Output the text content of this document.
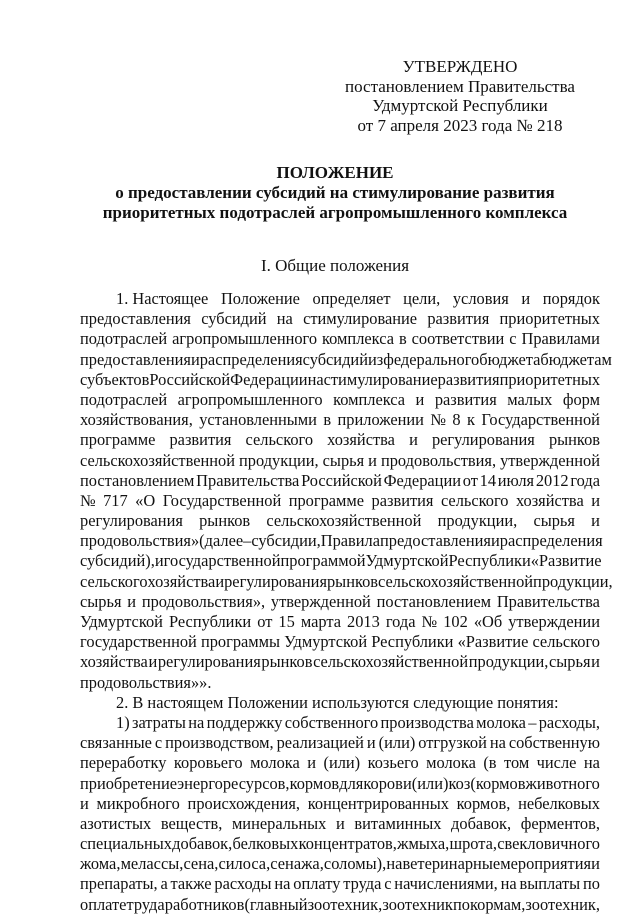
УТВЕРЖДЕНО
постановлением Правительства
Удмуртской Республики
от 7 апреля 2023 года № 218
ПОЛОЖЕНИЕ
о предоставлении субсидий на стимулирование развития
приоритетных подотраслей агропромышленного комплекса
I. Общие положения
1. Настоящее Положение определяет цели, условия и порядок
предоставления субсидий на стимулирование развития приоритетных
подотраслей агропромышленного комплекса в соответствии с Правилами
предоставления и распределения субсидий из федерального бюджета бюджетам
субъектов Российской Федерации на стимулирование развития приоритетных
подотраслей агропромышленного комплекса и развития малых форм
хозяйствования, установленными в приложении № 8 к Государственной
программе развития сельского хозяйства и регулирования рынков
сельскохозяйственной продукции, сырья и продовольствия, утвержденной
постановлением Правительства Российской Федерации от 14 июля 2012 года
№ 717 «О Государственной программе развития сельского хозяйства и
регулирования рынков сельскохозяйственной продукции, сырья и
продовольствия» (далее – субсидии, Правила предоставления и распределения
субсидий), и государственной программой Удмуртской Республики «Развитие
сельского хозяйства и регулирования рынков сельскохозяйственной продукции,
сырья и продовольствия», утвержденной постановлением Правительства
Удмуртской Республики от 15 марта 2013 года № 102 «Об утверждении
государственной программы Удмуртской Республики «Развитие сельского
хозяйства и регулирования рынков сельскохозяйственной продукции, сырья и
продовольствия»».
2. В настоящем Положении используются следующие понятия:
1) затраты на поддержку собственного производства молока – расходы,
связанные с производством, реализацией и (или) отгрузкой на собственную
переработку коровьего молока и (или) козьего молока (в том числе на
приобретение энергоресурсов, кормов для коров и (или) коз (кормов животного
и микробного происхождения, концентрированных кормов, небелковых
азотистых веществ, минеральных и витаминных добавок, ферментов,
специальных добавок, белковых концентратов, жмыха, шрота, свекловичного
жома, мелассы, сена, силоса, сенажа, соломы), на ветеринарные мероприятия и
препараты, а также расходы на оплату труда с начислениями, на выплаты по
оплате труда работников (главный зоотехник, зоотехник по кормам, зоотехник,
